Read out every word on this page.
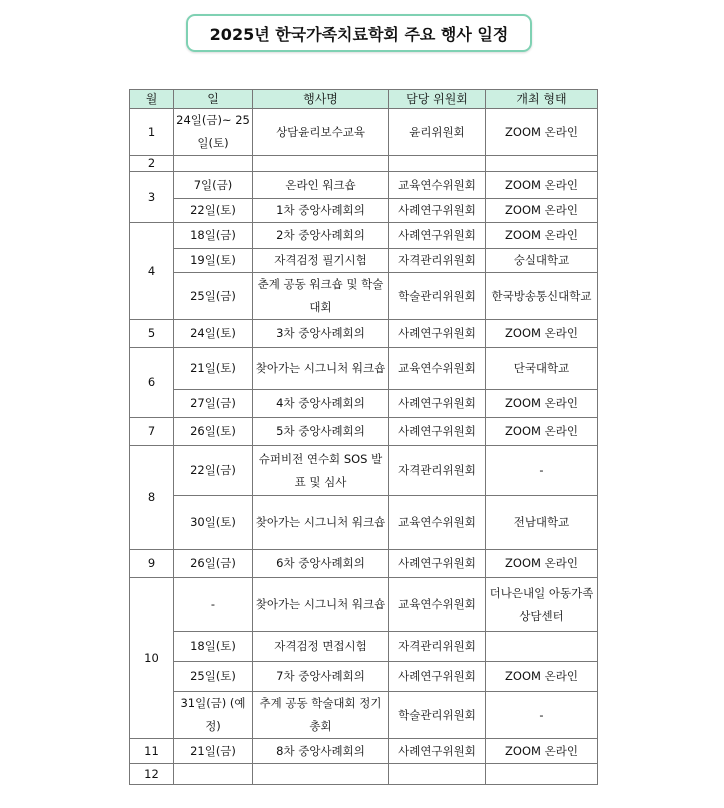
2025년 한국가족치료학회 주요 행사 일정
월	일	행사명	담당 위원회	개최 형태
1	24일(금)~ 25일(토)	상담윤리보수교육	윤리위원회	ZOOM 온라인
2				
3	7일(금)	온라인 워크숍	교육연수위원회	ZOOM 온라인
	22일(토)	1차 중앙사례회의	사례연구위원회	ZOOM 온라인
4	18일(금)	2차 중앙사례회의	사례연구위원회	ZOOM 온라인
	19일(토)	자격검정 필기시험	자격관리위원회	숭실대학교
	25일(금)	춘계 공동 워크숍 및 학술대회	학술관리위원회	한국방송통신대학교
5	24일(토)	3차 중앙사례회의	사례연구위원회	ZOOM 온라인
6	21일(토)	찾아가는 시그니처 워크숍	교육연수위원회	단국대학교
	27일(금)	4차 중앙사례회의	사례연구위원회	ZOOM 온라인
7	26일(토)	5차 중앙사례회의	사례연구위원회	ZOOM 온라인
8	22일(금)	슈퍼비전 연수회 SOS 발표 및 심사	자격관리위원회	-
	30일(토)	찾아가는 시그니처 워크숍	교육연수위원회	전남대학교
9	26일(금)	6차 중앙사례회의	사례연구위원회	ZOOM 온라인
10	-	찾아가는 시그니처 워크숍	교육연수위원회	더나은내일 아동가족상담센터
	18일(토)	자격검정 면접시험	자격관리위원회	
	25일(토)	7차 중앙사례회의	사례연구위원회	ZOOM 온라인
	31일(금) (예정)	추계 공동 학술대회 정기총회	학술관리위원회	-
11	21일(금)	8차 중앙사례회의	사례연구위원회	ZOOM 온라인
12				
